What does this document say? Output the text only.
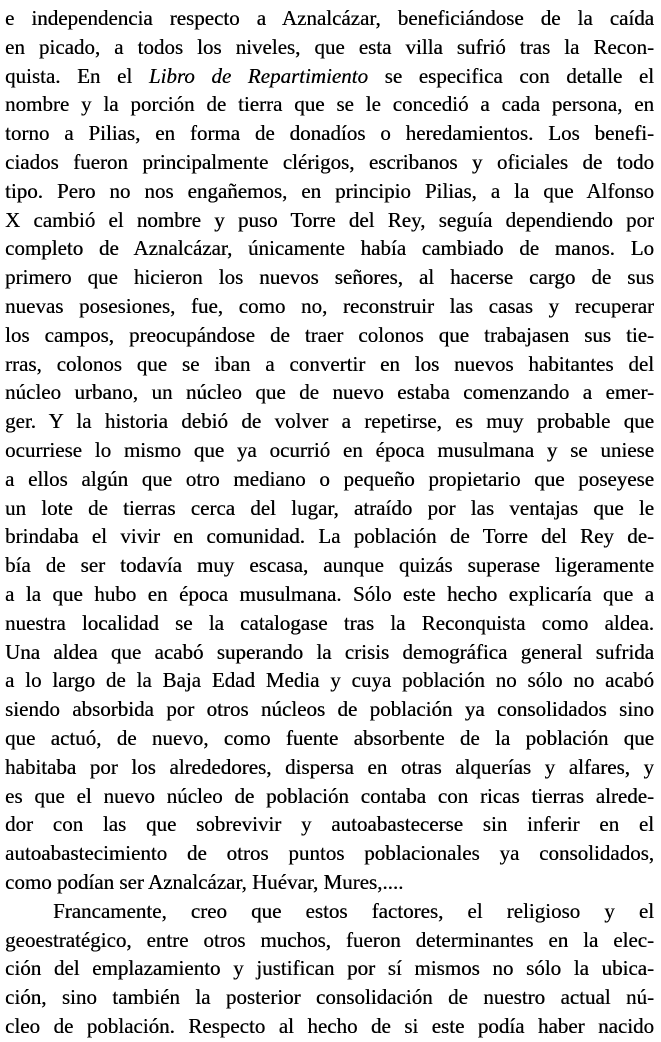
e independencia respecto a Aznalcázar, beneficiándose de la caída
en picado, a todos los niveles, que esta villa sufrió tras la Recon-
quista. En el Libro de Repartimiento se especifica con detalle el
nombre y la porción de tierra que se le concedió a cada persona, en
torno a Pilias, en forma de donadíos o heredamientos. Los benefi-
ciados fueron principalmente clérigos, escribanos y oficiales de todo
tipo. Pero no nos engañemos, en principio Pilias, a la que Alfonso
X cambió el nombre y puso Torre del Rey, seguía dependiendo por
completo de Aznalcázar, únicamente había cambiado de manos. Lo
primero que hicieron los nuevos señores, al hacerse cargo de sus
nuevas posesiones, fue, como no, reconstruir las casas y recuperar
los campos, preocupándose de traer colonos que trabajasen sus tie-
rras, colonos que se iban a convertir en los nuevos habitantes del
núcleo urbano, un núcleo que de nuevo estaba comenzando a emer-
ger. Y la historia debió de volver a repetirse, es muy probable que
ocurriese lo mismo que ya ocurrió en época musulmana y se uniese
a ellos algún que otro mediano o pequeño propietario que poseyese
un lote de tierras cerca del lugar, atraído por las ventajas que le
brindaba el vivir en comunidad. La población de Torre del Rey de-
bía de ser todavía muy escasa, aunque quizás superase ligeramente
a la que hubo en época musulmana. Sólo este hecho explicaría que a
nuestra localidad se la catalogase tras la Reconquista como aldea.
Una aldea que acabó superando la crisis demográfica general sufrida
a lo largo de la Baja Edad Media y cuya población no sólo no acabó
siendo absorbida por otros núcleos de población ya consolidados sino
que actuó, de nuevo, como fuente absorbente de la población que
habitaba por los alrededores, dispersa en otras alquerías y alfares, y
es que el nuevo núcleo de población contaba con ricas tierras alrede-
dor con las que sobrevivir y autoabastecerse sin inferir en el
autoabastecimiento de otros puntos poblacionales ya consolidados,
como podían ser Aznalcázar, Huévar, Mures,....
Francamente, creo que estos factores, el religioso y el
geoestratégico, entre otros muchos, fueron determinantes en la elec-
ción del emplazamiento y justifican por sí mismos no sólo la ubica-
ción, sino también la posterior consolidación de nuestro actual nú-
cleo de población. Respecto al hecho de si este podía haber nacido
